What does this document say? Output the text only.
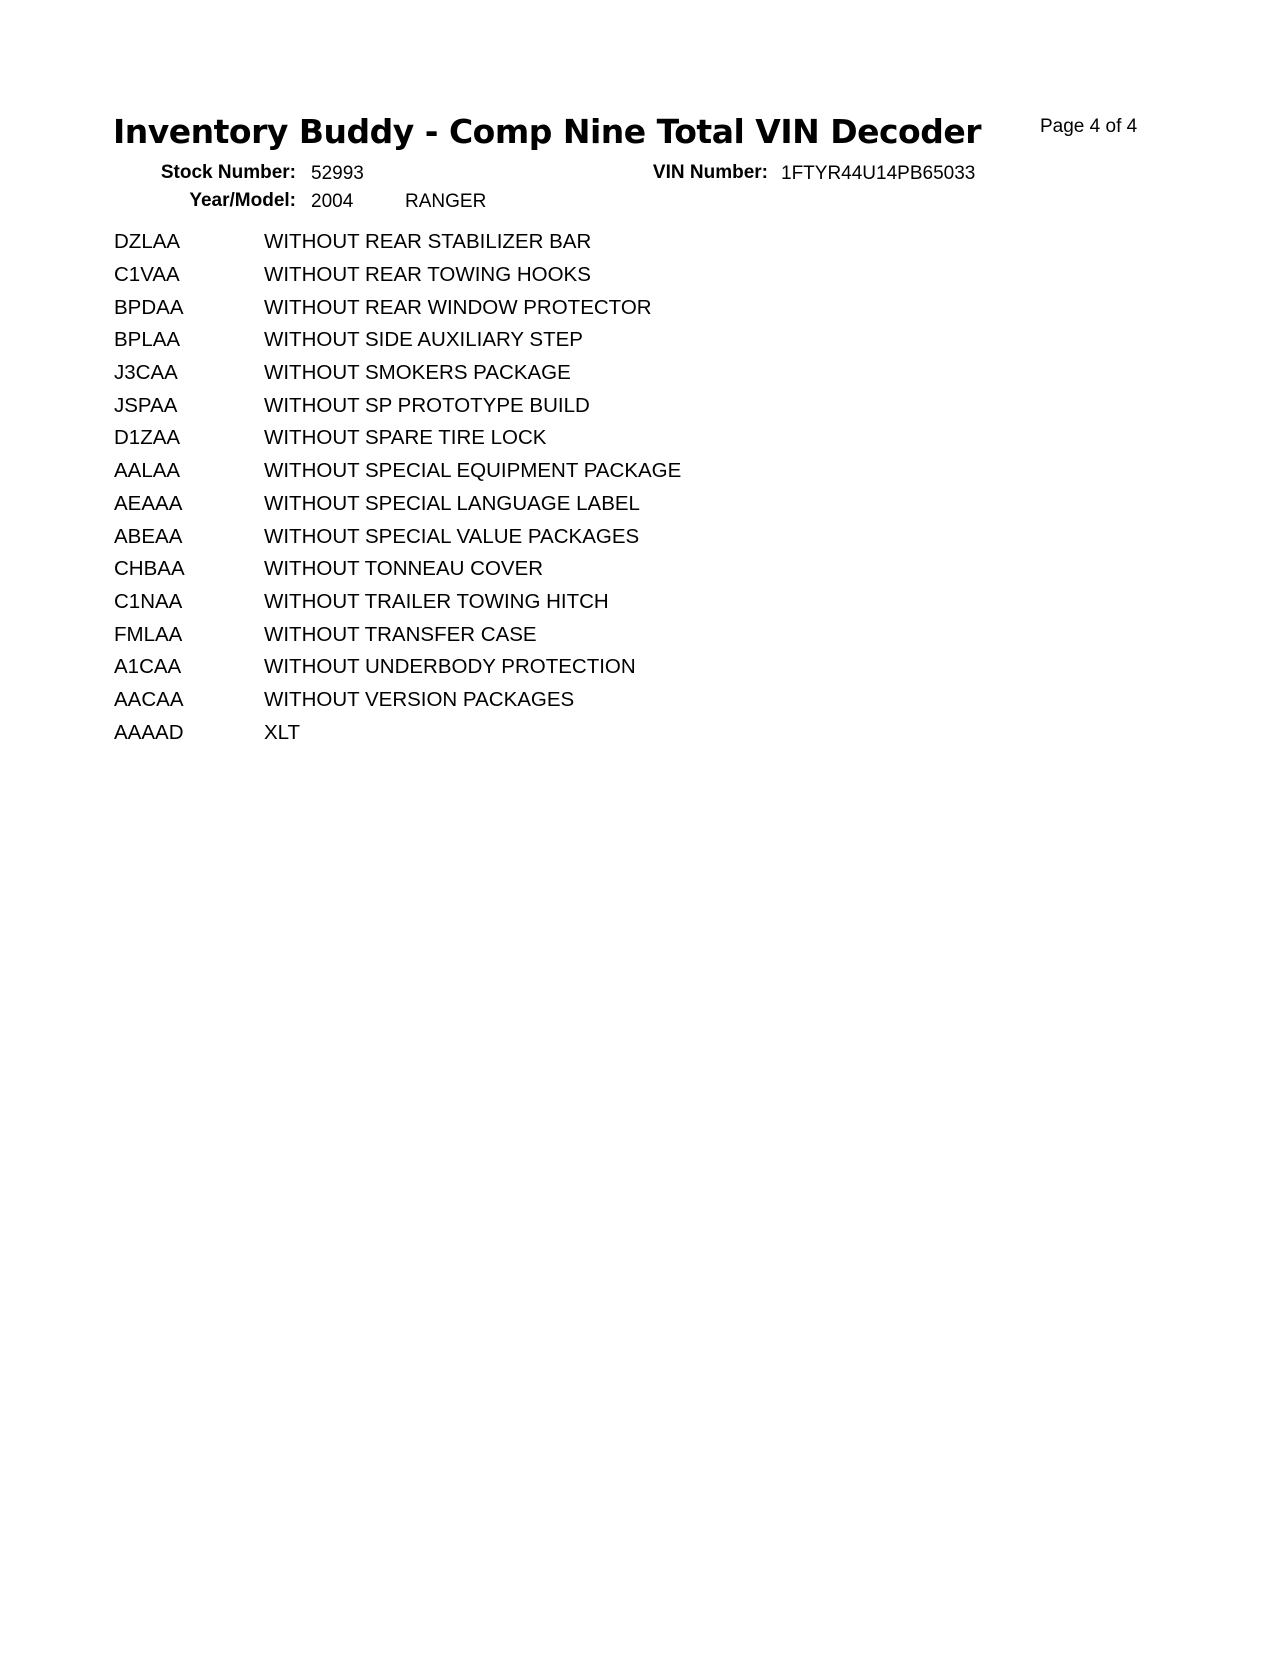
Inventory Buddy - Comp Nine Total VIN Decoder	Page 4 of 4
Stock Number: 52993	VIN Number: 1FTYR44U14PB65033
Year/Model: 2004	RANGER
DZLAA	WITHOUT REAR STABILIZER BAR
C1VAA	WITHOUT REAR TOWING HOOKS
BPDAA	WITHOUT REAR WINDOW PROTECTOR
BPLAA	WITHOUT SIDE AUXILIARY STEP
J3CAA	WITHOUT SMOKERS PACKAGE
JSPAA	WITHOUT SP PROTOTYPE BUILD
D1ZAA	WITHOUT SPARE TIRE LOCK
AALAA	WITHOUT SPECIAL EQUIPMENT PACKAGE
AEAAA	WITHOUT SPECIAL LANGUAGE LABEL
ABEAA	WITHOUT SPECIAL VALUE PACKAGES
CHBAA	WITHOUT TONNEAU COVER
C1NAA	WITHOUT TRAILER TOWING HITCH
FMLAA	WITHOUT TRANSFER CASE
A1CAA	WITHOUT UNDERBODY PROTECTION
AACAA	WITHOUT VERSION PACKAGES
AAAAD	XLT
